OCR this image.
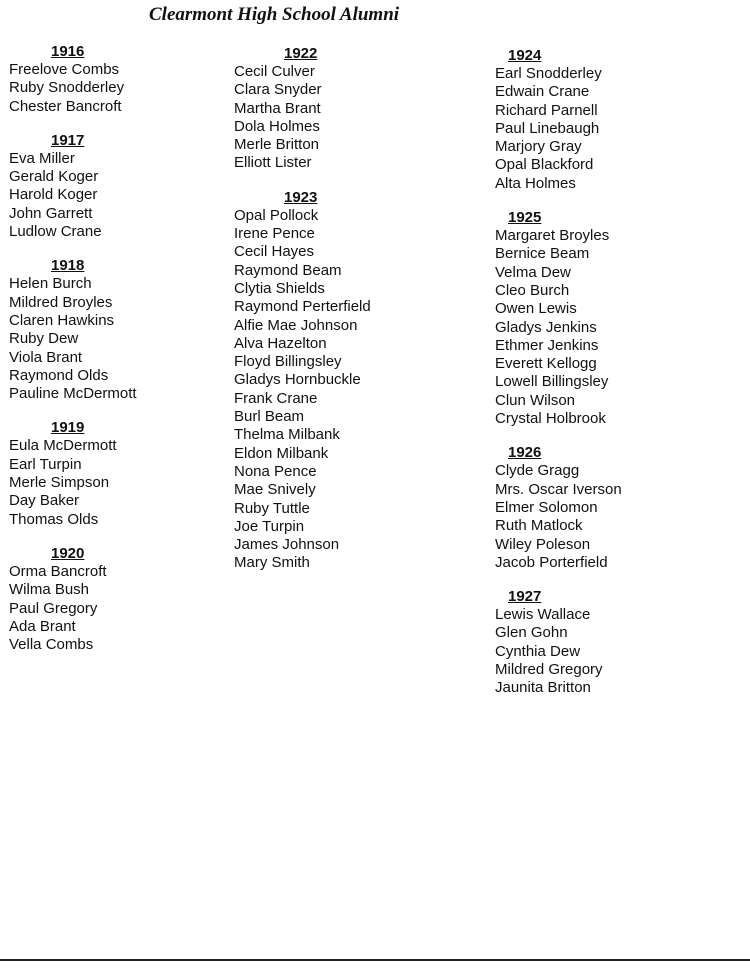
Clearmont High School Alumni
1916
Freelove Combs
Ruby Snodderley
Chester Bancroft
1917
Eva Miller
Gerald Koger
Harold Koger
John Garrett
Ludlow Crane
1918
Helen Burch
Mildred Broyles
Claren Hawkins
Ruby Dew
Viola Brant
Raymond Olds
Pauline McDermott
1919
Eula McDermott
Earl Turpin
Merle Simpson
Day Baker
Thomas Olds
1920
Orma Bancroft
Wilma Bush
Paul Gregory
Ada Brant
Vella Combs
1922
Cecil Culver
Clara Snyder
Martha Brant
Dola Holmes
Merle Britton
Elliott Lister
1923
Opal Pollock
Irene Pence
Cecil Hayes
Raymond Beam
Clytia Shields
Raymond Perterfield
Alfie Mae Johnson
Alva Hazelton
Floyd Billingsley
Gladys Hornbuckle
Frank Crane
Burl Beam
Thelma Milbank
Eldon Milbank
Nona Pence
Mae Snively
Ruby Tuttle
Joe Turpin
James Johnson
Mary Smith
1924
Earl Snodderley
Edwain Crane
Richard Parnell
Paul Linebaugh
Marjory Gray
Opal Blackford
Alta Holmes
1925
Margaret Broyles
Bernice Beam
Velma Dew
Cleo Burch
Owen Lewis
Gladys Jenkins
Ethmer Jenkins
Everett Kellogg
Lowell Billingsley
Clun Wilson
Crystal Holbrook
1926
Clyde Gragg
Mrs. Oscar Iverson
Elmer Solomon
Ruth Matlock
Wiley Poleson
Jacob Porterfield
1927
Lewis Wallace
Glen Gohn
Cynthia Dew
Mildred Gregory
Jaunita Britton
